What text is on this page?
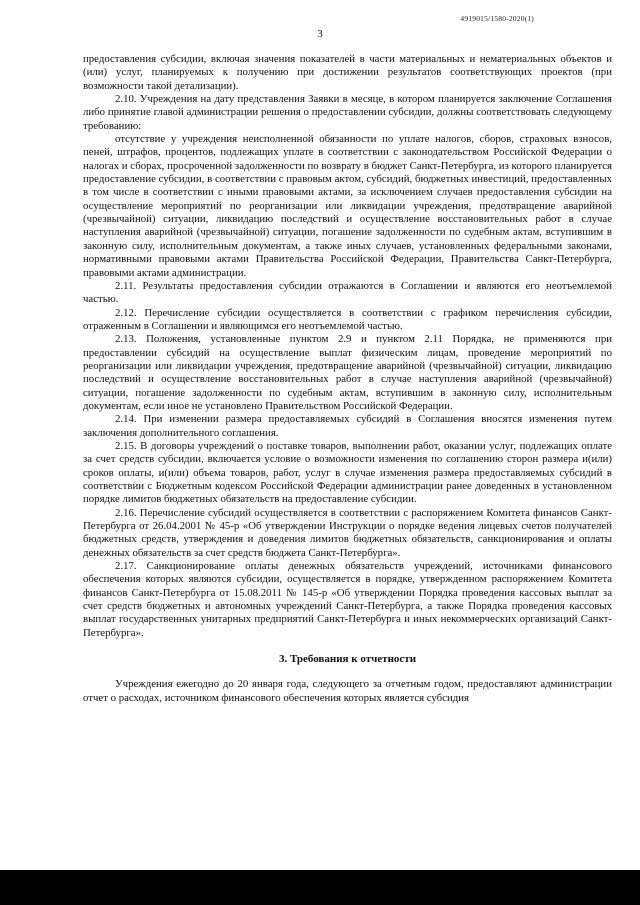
4919015/1580-2020(1)
3

предоставления субсидии, включая значения показателей в части материальных и нематериальных объектов и (или) услуг, планируемых к получению при достижении результатов соответствующих проектов (при возможности такой детализации).

2.10. Учреждения на дату представления Заявки в месяце, в котором планируется заключение Соглашения либо принятие главой администрации решения о предоставлении субсидии, должны соответствовать следующему требованию:

отсутствие у учреждения неисполненной обязанности по уплате налогов, сборов, страховых взносов, пеней, штрафов, процентов, подлежащих уплате в соответствии с законодательством Российской Федерации о налогах и сборах, просроченной задолженности по возврату в бюджет Санкт-Петербурга, из которого планируется предоставление субсидии, в соответствии с правовым актом, субсидий, бюджетных инвестиций, предоставленных в том числе в соответствии с иными правовыми актами, за исключением случаев предоставления субсидии на осуществление мероприятий по реорганизации или ликвидации учреждения, предотвращение аварийной (чрезвычайной) ситуации, ликвидацию последствий и осуществление восстановительных работ в случае наступления аварийной (чрезвычайной) ситуации, погашение задолженности по судебным актам, вступившим в законную силу, исполнительным документам, а также иных случаев, установленных федеральными законами, нормативными правовыми актами Правительства Российской Федерации, Правительства Санкт-Петербурга, правовыми актами администрации.

2.11. Результаты предоставления субсидии отражаются в Соглашении и являются его неотъемлемой частью.

2.12. Перечисление субсидии осуществляется в соответствии с графиком перечисления субсидии, отраженным в Соглашении и являющимся его неотъемлемой частью.

2.13. Положения, установленные пунктом 2.9 и пунктом 2.11 Порядка, не применяются при предоставлении субсидий на осуществление выплат физическим лицам, проведение мероприятий по реорганизации или ликвидации учреждения, предотвращение аварийной (чрезвычайной) ситуации, ликвидацию последствий и осуществление восстановительных работ в случае наступления аварийной (чрезвычайной) ситуации, погашение задолженности по судебным актам, вступившим в законную силу, исполнительным документам, если иное не установлено Правительством Российской Федерации.

2.14. При изменении размера предоставляемых субсидий в Соглашения вносятся изменения путем заключения дополнительного соглашения.

2.15. В договоры учреждений о поставке товаров, выполнении работ, оказании услуг, подлежащих оплате за счет средств субсидии, включается условие о возможности изменения по соглашению сторон размера и(или) сроков оплаты, и(или) объема товаров, работ, услуг в случае изменения размера предоставляемых субсидий в соответствии с Бюджетным кодексом Российской Федерации администрации ранее доведенных в установленном порядке лимитов бюджетных обязательств на предоставление субсидии.

2.16. Перечисление субсидий осуществляется в соответствии с распоряжением Комитета финансов Санкт-Петербурга от 26.04.2001 № 45-р «Об утверждении Инструкции о порядке ведения лицевых счетов получателей бюджетных средств, утверждения и доведения лимитов бюджетных обязательств, санкционирования и оплаты денежных обязательств за счет средств бюджета Санкт-Петербурга».

2.17. Санкционирование оплаты денежных обязательств учреждений, источниками финансового обеспечения которых являются субсидии, осуществляется в порядке, утвержденном распоряжением Комитета финансов Санкт-Петербурга от 15.08.2011 № 145-р «Об утверждении Порядка проведения кассовых выплат за счет средств бюджетных и автономных учреждений Санкт-Петербурга, а также Порядка проведения кассовых выплат государственных унитарных предприятий Санкт-Петербурга и иных некоммерческих организаций Санкт-Петербурга».

3. Требования к отчетности

Учреждения ежегодно до 20 января года, следующего за отчетным годом, предоставляют администрации отчет о расходах, источником финансового обеспечения которых является субсидия
